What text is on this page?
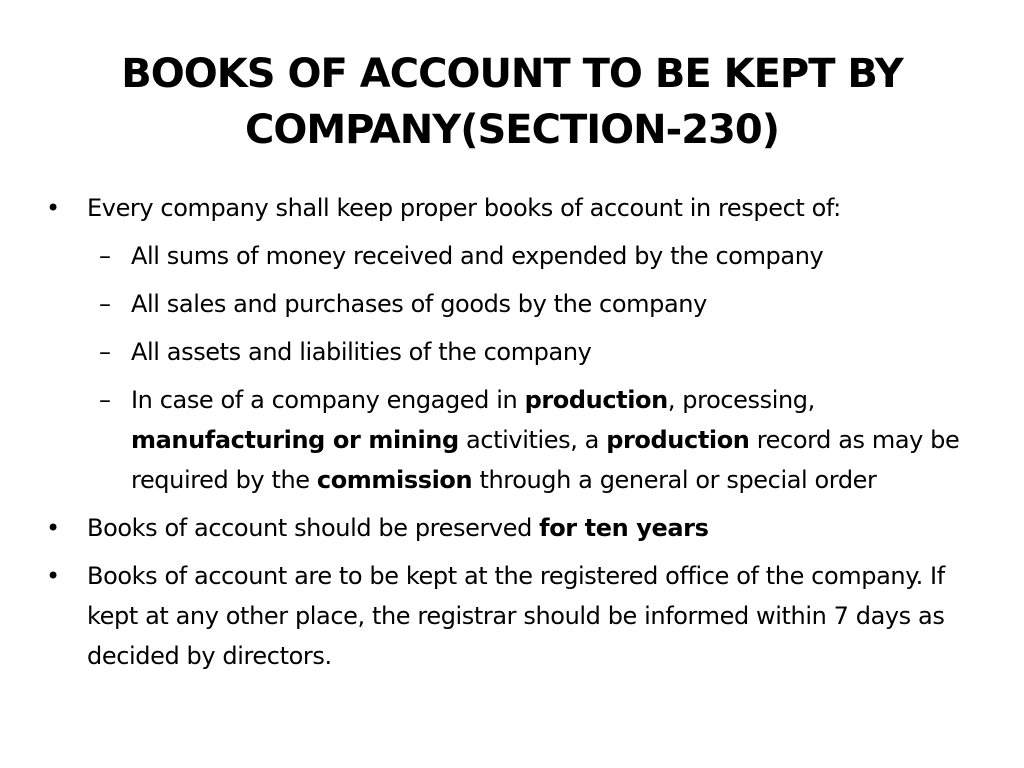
BOOKS OF ACCOUNT TO BE KEPT BY
COMPANY(SECTION-230)
•	Every company shall keep proper books of account in respect of:
– All sums of money received and expended by the company
– All sales and purchases of goods by the company
– All assets and liabilities of the company
– In case of a company engaged in production, processing, manufacturing or mining activities, a production record as may be required by the commission through a general or special order
•	Books of account should be preserved for ten years
•	Books of account are to be kept at the registered office of the company. If kept at any other place, the registrar should be informed within 7 days as decided by directors.
